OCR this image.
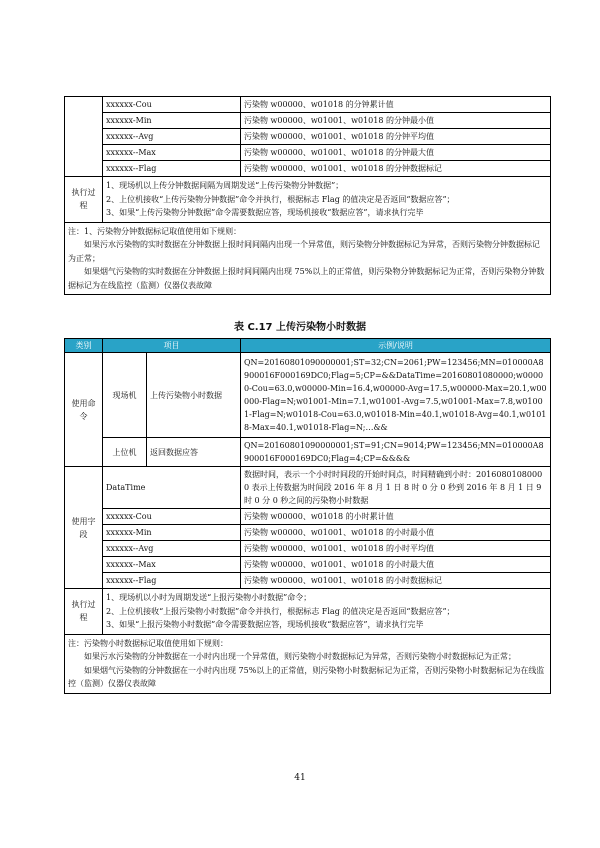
	xxxxxx-Cou	污染物 w00000、w01018 的分钟累计值
	xxxxxx-Min	污染物 w00000、w01001、w01018 的分钟最小值
	xxxxxx--Avg	污染物 w00000、w01001、w01018 的分钟平均值
	xxxxxx--Max	污染物 w00000、w01001、w01018 的分钟最大值
	xxxxxx--Flag	污染物 w00000、w01001、w01018 的分钟数据标记
执行过程	1、现场机以上传分钟数据间隔为周期发送“上传污染物分钟数据”；
2、上位机接收“上传污染物分钟数据”命令并执行，根据标志 Flag 的值决定是否返回“数据应答”；
3、如果“上传污染物分钟数据”命令需要数据应答，现场机接收“数据应答”，请求执行完毕	

注：1、污染物分钟数据标记取值使用如下规则：
如果污水污染物的实时数据在分钟数据上报时间间隔内出现一个异常值，则污染物分钟数据标记为异常，否则污染物分钟数据标记为正常；
如果烟气污染物的实时数据在分钟数据上报时间间隔内出现 75%以上的正常值，则污染物分钟数据标记为正常，否则污染物分钟数据标记为在线监控（监测）仪器仪表故障		
表 C.17 上传污染物小时数据
类别	项目		示例/说明
使用命令	现场机	上传污染物小时数据	QN=20160801090000001;ST=32;CN=2061;PW=123456;MN=010000A8900016F000169DC0;Flag=5;CP=&&DataTime=20160801080000;w00000-Cou=63.0,w00000-Min=16.4,w00000-Avg=17.5,w00000-Max=20.1,w00000-Flag=N;w01001-Min=7.1,w01001-Avg=7.5,w01001-Max=7.8,w01001-Flag=N;w01018-Cou=63.0,w01018-Min=40.1,w01018-Avg=40.1,w01018-Max=40.1,w01018-Flag=N;…&&
	上位机	返回数据应答	QN=20160801090000001;ST=91;CN=9014;PW=123456;MN=010000A8900016F000169DC0;Flag=4;CP=&&&&
使用字段	DataTime		数据时间，表示一个小时时间段的开始时间点，时间精确到小时：20160801080000 表示上传数据为时间段 2016 年 8 月 1 日 8 时 0 分 0 秒到 2016 年 8 月 1 日 9 时 0 分 0 秒之间的污染物小时数据
	xxxxxx-Cou		污染物 w00000、w01018 的小时累计值
	xxxxxx-Min		污染物 w00000、w01001、w01018 的小时最小值
	xxxxxx--Avg		污染物 w00000、w01001、w01018 的小时平均值
	xxxxxx--Max		污染物 w00000、w01001、w01018 的小时最大值
	xxxxxx--Flag		污染物 w00000、w01001、w01018 的小时数据标记
执行过程	1、现场机以小时为周期发送“上报污染物小时数据”命令；
2、上位机接收“上报污染物小时数据”命令并执行，根据标志 Flag 的值决定是否返回“数据应答”；
3、如果“上报污染物小时数据”命令需要数据应答，现场机接收“数据应答”，请求执行完毕		

注：污染物小时数据标记取值使用如下规则：
如果污水污染物的分钟数据在一小时内出现一个异常值，则污染物小时数据标记为异常，否则污染物小时数据标记为正常；
如果烟气污染物的分钟数据在一小时内出现 75%以上的正常值，则污染物小时数据标记为正常，否则污染物小时数据标记为在线监控（监测）仪器仪表故障			
41
